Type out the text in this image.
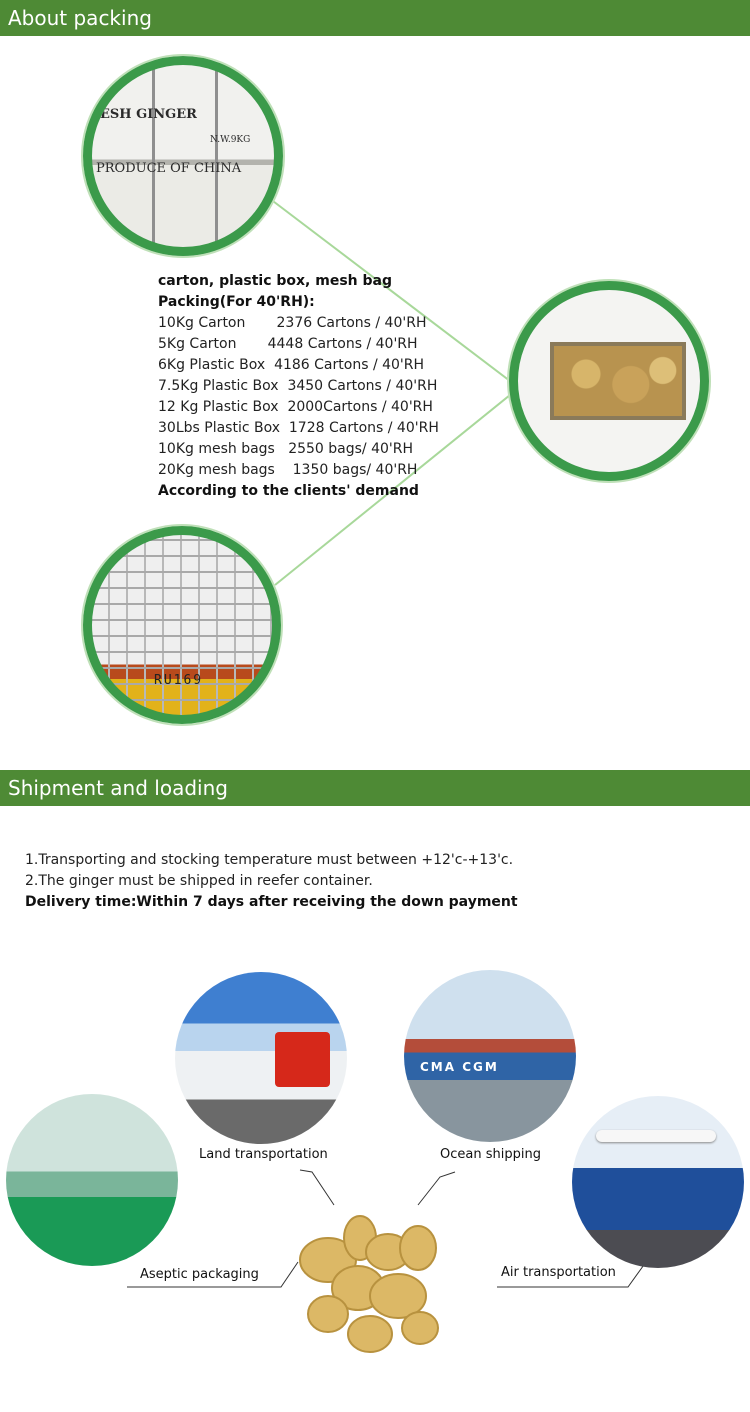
About packing
ESH GINGER
PRODUCE OF CHINA
N.W.9KG
RU169
carton, plastic box, mesh bag
Packing(For 40'RH):
10Kg Carton       2376 Cartons / 40'RH
5Kg Carton       4448 Cartons / 40'RH
6Kg Plastic Box  4186 Cartons / 40'RH
7.5Kg Plastic Box  3450 Cartons / 40'RH
12 Kg Plastic Box  2000Cartons / 40'RH
30Lbs Plastic Box  1728 Cartons / 40'RH
10Kg mesh bags   2550 bags/ 40'RH
20Kg mesh bags    1350 bags/ 40'RH
According to the clients' demand
Shipment and loading
1.Transporting and stocking temperature must between +12'c-+13'c.
2.The ginger must be shipped in reefer container.
Delivery time:Within 7 days after receiving the down payment
CMA CGM
Land transportation	Ocean shipping
Aseptic packaging	Air transportation
